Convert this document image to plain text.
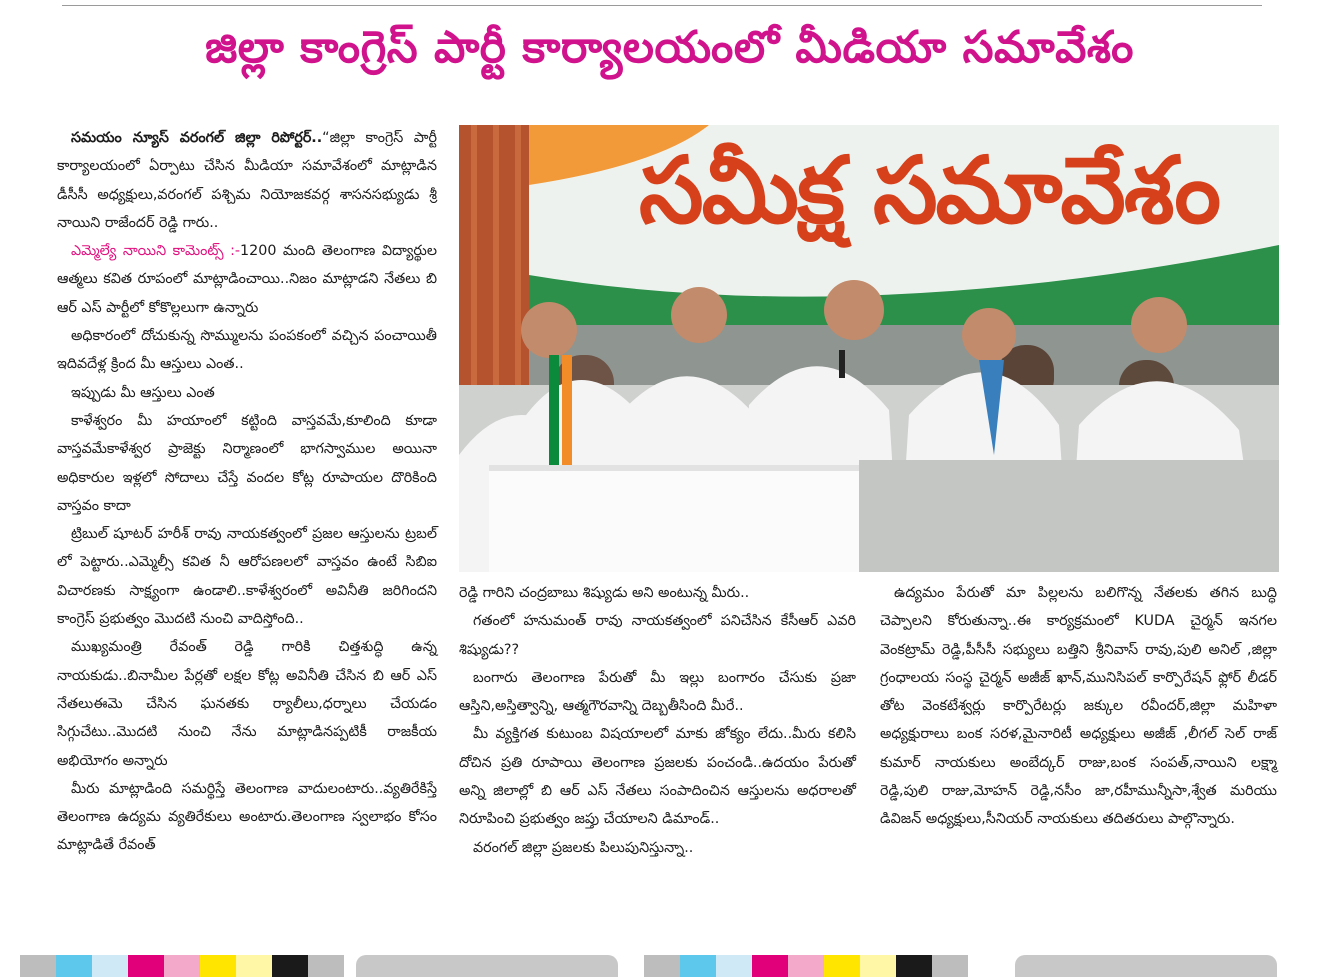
జిల్లా కాంగ్రెస్ పార్టీ కార్యాలయంలో మీడియా సమావేశం

సమయం న్యూస్ వరంగల్ జిల్లా రిపోర్టర్..“జిల్లా కాంగ్రెస్ పార్టీ కార్యాలయంలో ఏర్పాటు చేసిన మీడియా సమావేశంలో మాట్లాడిన డీసీసీ అధ్యక్షులు,వరంగల్ పశ్చిమ నియోజకవర్గ శాసనసభ్యుడు శ్రీ నాయిని రాజేందర్ రెడ్డి గారు..

ఎమ్మెల్యే నాయిని కామెంట్స్ :-1200 మంది తెలంగాణ విద్యార్థుల ఆత్మలు కవిత రూపంలో మాట్లాడించాయి..నిజం మాట్లాడని నేతలు బి ఆర్ ఎస్ పార్టీలో కోకొల్లలుగా ఉన్నారు

అధికారంలో దోచుకున్న సొమ్ములను పంపకంలో వచ్చిన పంచాయితీ ఇదివదేళ్ల క్రింద మీ ఆస్తులు ఎంత..

ఇప్పుడు మీ ఆస్తులు ఎంత

కాళేశ్వరం మీ హయాంలో కట్టింది వాస్తవమే,కూలింది కూడా వాస్తవమేకాళేశ్వర ప్రాజెక్టు నిర్మాణంలో భాగస్వాముల అయినా అధికారుల ఇళ్లలో సోదాలు చేస్తే వందల కోట్ల రూపాయల దొరికింది వాస్తవం కాదా

ట్రిబుల్ షూటర్ హరీశ్ రావు నాయకత్వంలో ప్రజల ఆస్తులను ట్రబల్ లో పెట్టారు..ఎమ్మెల్సీ కవిత నీ ఆరోపణలలో వాస్తవం ఉంటే సిబిఐ విచారణకు సాక్ష్యంగా ఉండాలి..కాళేశ్వరంలో అవినీతి జరిగిందని కాంగ్రెస్ ప్రభుత్వం మొదటి నుంచి వాదిస్తోంది..

ముఖ్యమంత్రి రేవంత్ రెడ్డి గారికి చిత్తశుద్ధి ఉన్న నాయకుడు..బినామీల పేర్లతో లక్షల కోట్ల అవినీతి చేసిన బి ఆర్ ఎస్ నేతలుఈమె చేసిన ఘనతకు ర్యాలీలు,ధర్నాలు చేయడం సిగ్గుచేటు..మొదటి నుంచి నేను మాట్లాడినప్పటికీ రాజకీయ అభియోగం అన్నారు

మీరు మాట్లాడింది సమర్థిస్తే తెలంగాణ వాదులంటారు..వ్యతిరేకిస్తే తెలంగాణ ఉద్యమ వ్యతిరేకులు అంటారు.తెలంగాణ స్వలాభం కోసం మాట్లాడితే రేవంత్

సమీక్ష సమావేశం

రెడ్డి గారిని చంద్రబాబు శిష్యుడు అని అంటున్న మీరు..

గతంలో హనుమంత్ రావు నాయకత్వంలో పనిచేసిన కేసీఆర్ ఎవరి శిష్యుడు??

బంగారు తెలంగాణ పేరుతో మీ ఇల్లు బంగారం చేసుకు ప్రజా ఆస్తిని,అస్తిత్వాన్ని, ఆత్మగౌరవాన్ని దెబ్బతీసింది మీరే..

మీ వ్యక్తిగత కుటుంబ విషయాలలో మాకు జోక్యం లేదు..మీరు కలిసి దోచిన ప్రతి రూపాయి తెలంగాణ ప్రజలకు పంచండి..ఉదయం పేరుతో అన్ని జిలాల్లో బి ఆర్ ఎస్ నేతలు సంపాదించిన ఆస్తులను అధరాలతో నిరూపించి ప్రభుత్వం జప్తు చేయాలని డిమాండ్..

వరంగల్ జిల్లా ప్రజలకు పిలుపునిస్తున్నా..

ఉద్యమం పేరుతో మా పిల్లలను బలిగొన్న నేతలకు తగిన బుద్ధి చెప్పాలని కోరుతున్నా..ఈ కార్యక్రమంలో KUDA చైర్మన్ ఇనగల వెంకట్రామ్ రెడ్డి,పీసీసీ సభ్యులు బత్తిని శ్రీనివాస్ రావు,పులి అనిల్ ,జిల్లా గ్రంధాలయ సంస్థ చైర్మన్ అజీజ్ ఖాన్,మునిసిపల్ కార్పొరేషన్ ఫ్లోర్ లీడర్ తోట వెంకటేశ్వర్లు కార్పొరేటర్లు జక్కుల రవీందర్,జిల్లా మహిళా అధ్యక్షురాలు బంక సరళ,మైనారిటీ అధ్యక్షులు అజీజ్ ,లీగల్ సెల్ రాజ్ కుమార్ నాయకులు అంబేద్కర్ రాజు,బంక సంపత్,నాయిని లక్ష్మా రెడ్డి,పులి రాజు,మోహన్ రెడ్డి,నసీం జా,రహీమున్నీసా,శ్వేత మరియు డివిజన్ అధ్యక్షులు,సీనియర్ నాయకులు తదితరులు పాల్గొన్నారు.
